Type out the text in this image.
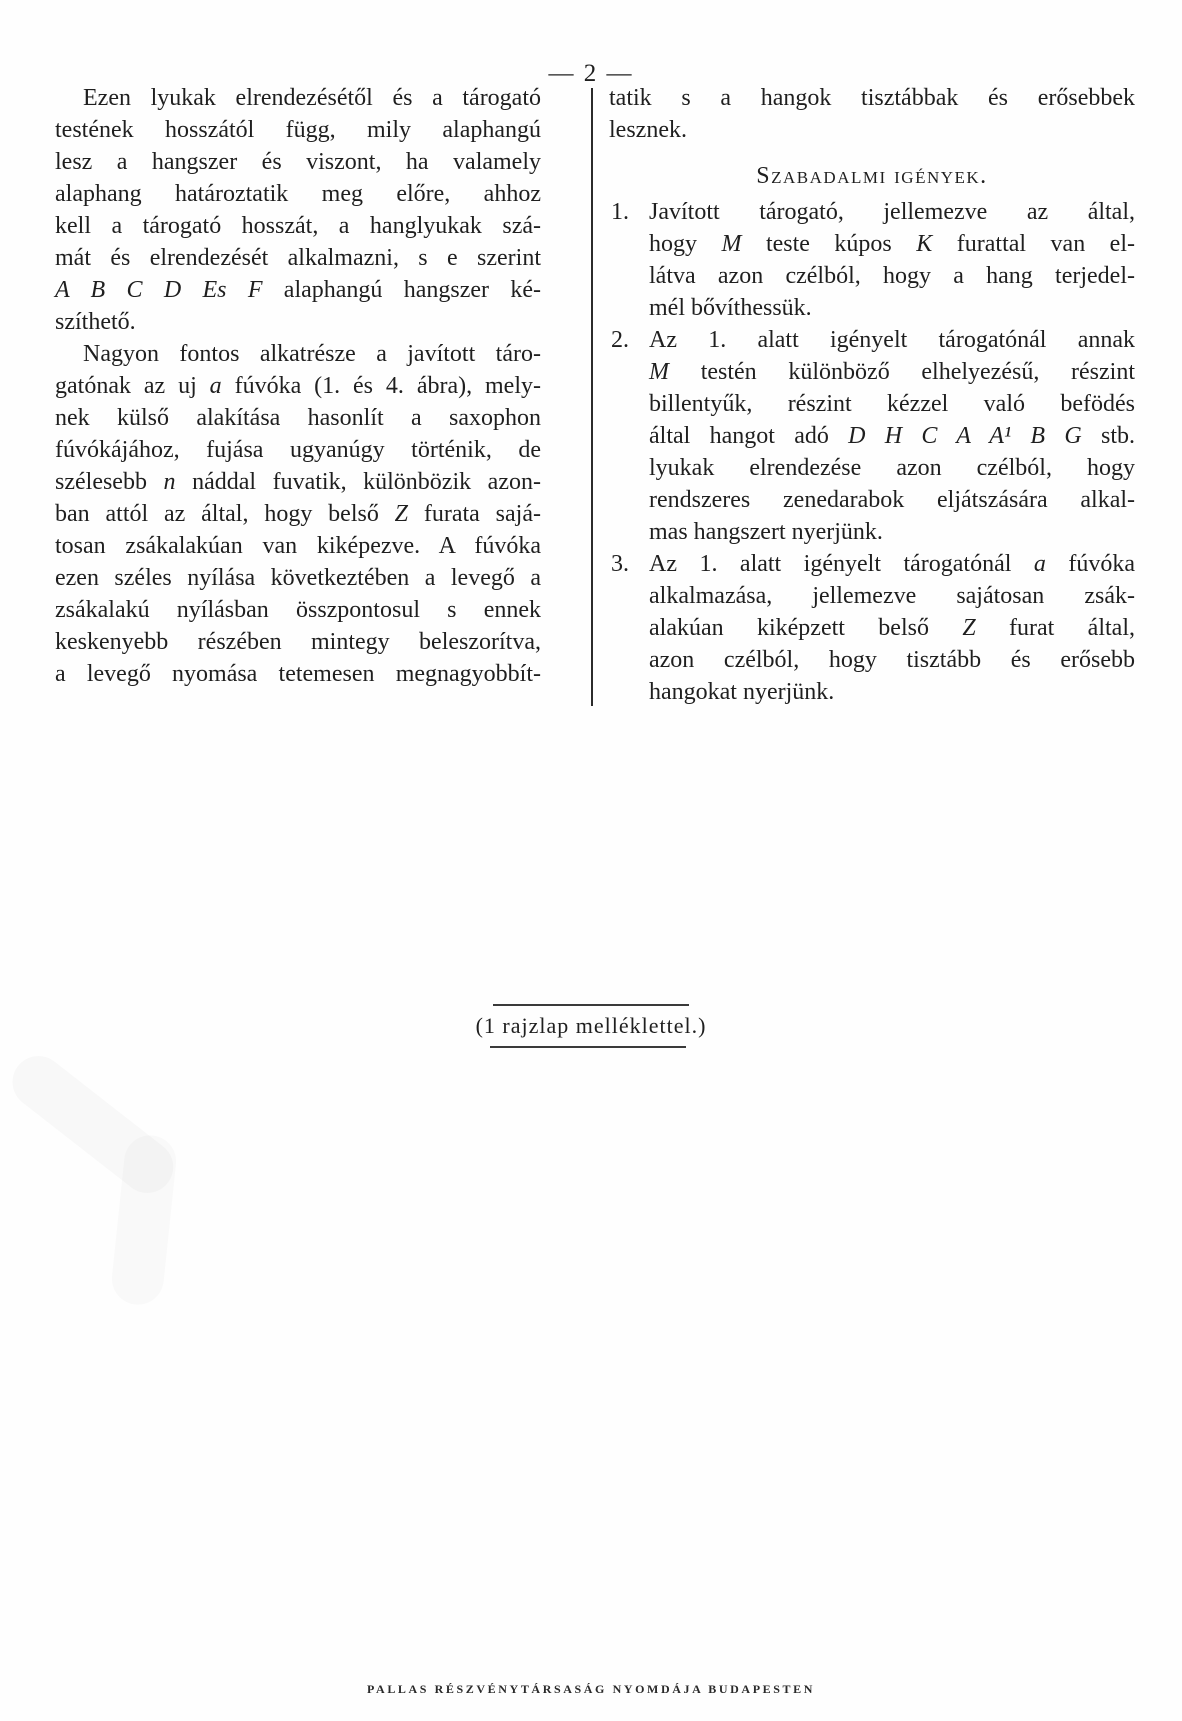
— 2 —
Ezen lyukak elrendezésétől és a tárogató
testének hosszától függ, mily alaphangú
lesz a hangszer és viszont, ha valamely
alaphang határoztatik meg előre, ahhoz
kell a tárogató hosszát, a hanglyukak szá-
mát és elrendezését alkalmazni, s e szerint
A B C D Es F alaphangú hangszer ké-
szíthető.
Nagyon fontos alkatrésze a javított táro-
gatónak az uj a fúvóka (1. és 4. ábra), mely-
nek külső alakítása hasonlít a saxophon
fúvókájához, fujása ugyanúgy történik, de
szélesebb n náddal fuvatik, különbözik azon-
ban attól az által, hogy belső Z furata sajá-
tosan zsákalakúan van kiképezve. A fúvóka
ezen széles nyílása következtében a levegő a
zsákalakú nyílásban összpontosul s ennek
keskenyebb részében mintegy beleszorítva,
a levegő nyomása tetemesen megnagyobbít-
tatik s a hangok tisztábbak és erősebbek
lesznek.
Szabadalmi igények.
1. Javított tárogató, jellemezve az által,
hogy M teste kúpos K furattal van el-
látva azon czélból, hogy a hang terjedel-
mél bővíthessük.
2. Az 1. alatt igényelt tárogatónál annak
M testén különböző elhelyezésű, részint
billentyűk, részint kézzel való befödés
által hangot adó D H C A A¹ B G stb.
lyukak elrendezése azon czélból, hogy
rendszeres zenedarabok eljátszására alkal-
mas hangszert nyerjünk.
3. Az 1. alatt igényelt tárogatónál a fúvóka
alkalmazása, jellemezve sajátosan zsák-
alakúan kiképzett belső Z furat által,
azon czélból, hogy tisztább és erősebb
hangokat nyerjünk.
(1 rajzlap melléklettel.)
PALLAS RÉSZVÉNYTÁRSASÁG NYOMDÁJA BUDAPESTEN
